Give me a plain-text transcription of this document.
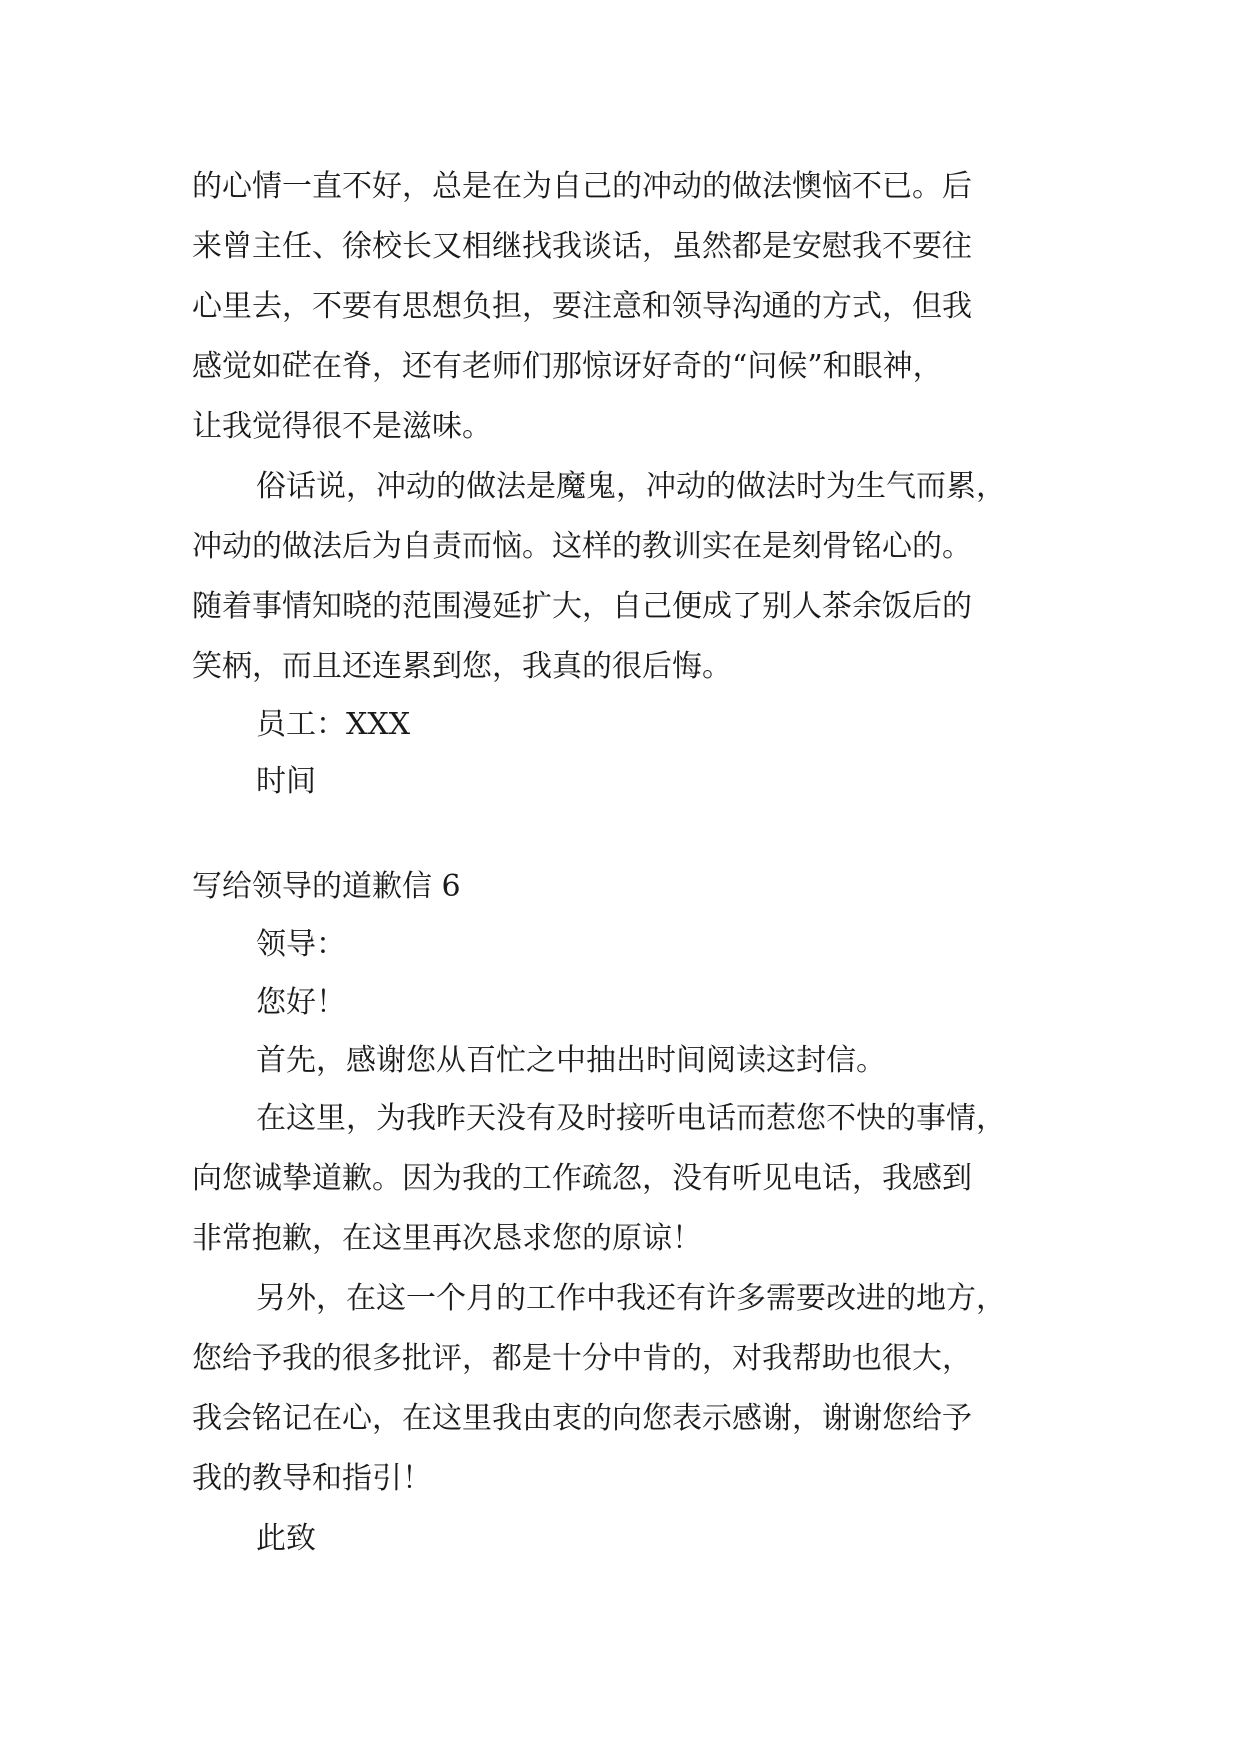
的心情一直不好，总是在为自己的冲动的做法懊恼不已。后

来曾主任、徐校长又相继找我谈话，虽然都是安慰我不要往

心里去，不要有思想负担，要注意和领导沟通的方式，但我

感觉如硭在脊，还有老师们那惊讶好奇的“问候”和眼神，

让我觉得很不是滋味。

俗话说，冲动的做法是魔鬼，冲动的做法时为生气而累，

冲动的做法后为自责而恼。这样的教训实在是刻骨铭心的。

随着事情知晓的范围漫延扩大，自己便成了别人茶余饭后的

笑柄，而且还连累到您，我真的很后悔。

员工：XXX

时间

写给领导的道歉信 6

领导：

您好！

首先，感谢您从百忙之中抽出时间阅读这封信。

在这里，为我昨天没有及时接听电话而惹您不快的事情，

向您诚挚道歉。因为我的工作疏忽，没有听见电话，我感到

非常抱歉，在这里再次恳求您的原谅！

另外，在这一个月的工作中我还有许多需要改进的地方，

您给予我的很多批评，都是十分中肯的，对我帮助也很大，

我会铭记在心，在这里我由衷的向您表示感谢，谢谢您给予

我的教导和指引！

此致
